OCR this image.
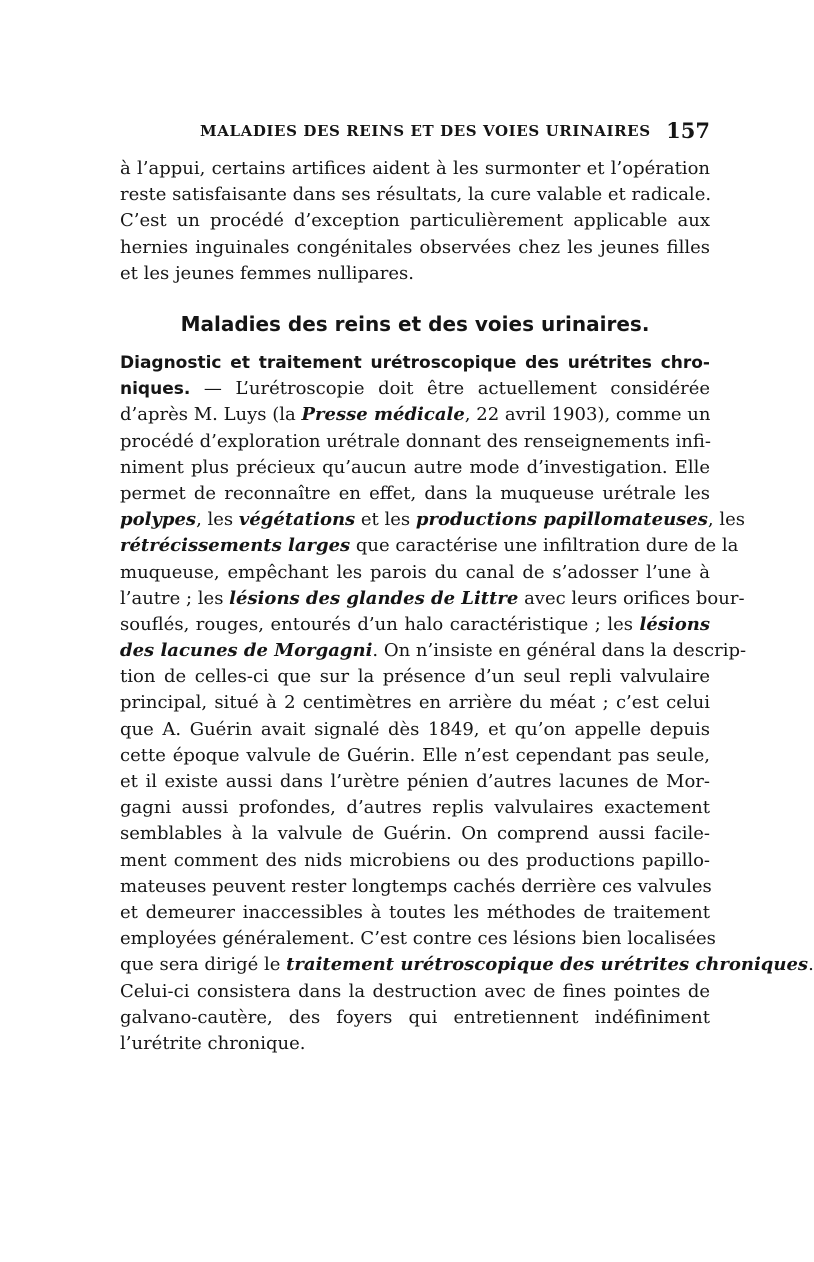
MALADIES DES REINS ET DES VOIES URINAIRES 157
à l’appui, certains artifices aident à les surmonter et l’opération
reste satisfaisante dans ses résultats, la cure valable et radicale.
C’est un procédé d’exception particulièrement applicable aux
hernies inguinales congénitales observées chez les jeunes filles
et les jeunes femmes nullipares.
Maladies des reins et des voies urinaires.
Diagnostic et traitement urétroscopique des urétrites chro-
niques. — L’urétroscopie doit être actuellement considérée
d’après M. Luys (la Presse médicale, 22 avril 1903), comme un
procédé d’exploration urétrale donnant des renseignements infi-
niment plus précieux qu’aucun autre mode d’investigation. Elle
permet de reconnaître en effet, dans la muqueuse urétrale les
polypes, les végétations et les productions papillomateuses, les
rétrécissements larges que caractérise une infiltration dure de la
muqueuse, empêchant les parois du canal de s’adosser l’une à
l’autre ; les lésions des glandes de Littre avec leurs orifices bour-
souflés, rouges, entourés d’un halo caractéristique ; les lésions
des lacunes de Morgagni. On n’insiste en général dans la descrip-
tion de celles-ci que sur la présence d’un seul repli valvulaire
principal, situé à 2 centimètres en arrière du méat ; c’est celui
que A. Guérin avait signalé dès 1849, et qu’on appelle depuis
cette époque valvule de Guérin. Elle n’est cependant pas seule,
et il existe aussi dans l’urètre pénien d’autres lacunes de Mor-
gagni aussi profondes, d’autres replis valvulaires exactement
semblables à la valvule de Guérin. On comprend aussi facile-
ment comment des nids microbiens ou des productions papillo-
mateuses peuvent rester longtemps cachés derrière ces valvules
et demeurer inaccessibles à toutes les méthodes de traitement
employées généralement. C’est contre ces lésions bien localisées
que sera dirigé le traitement urétroscopique des urétrites chroniques.
Celui-ci consistera dans la destruction avec de fines pointes de
galvano-cautère, des foyers qui entretiennent indéfiniment
l’urétrite chronique.
